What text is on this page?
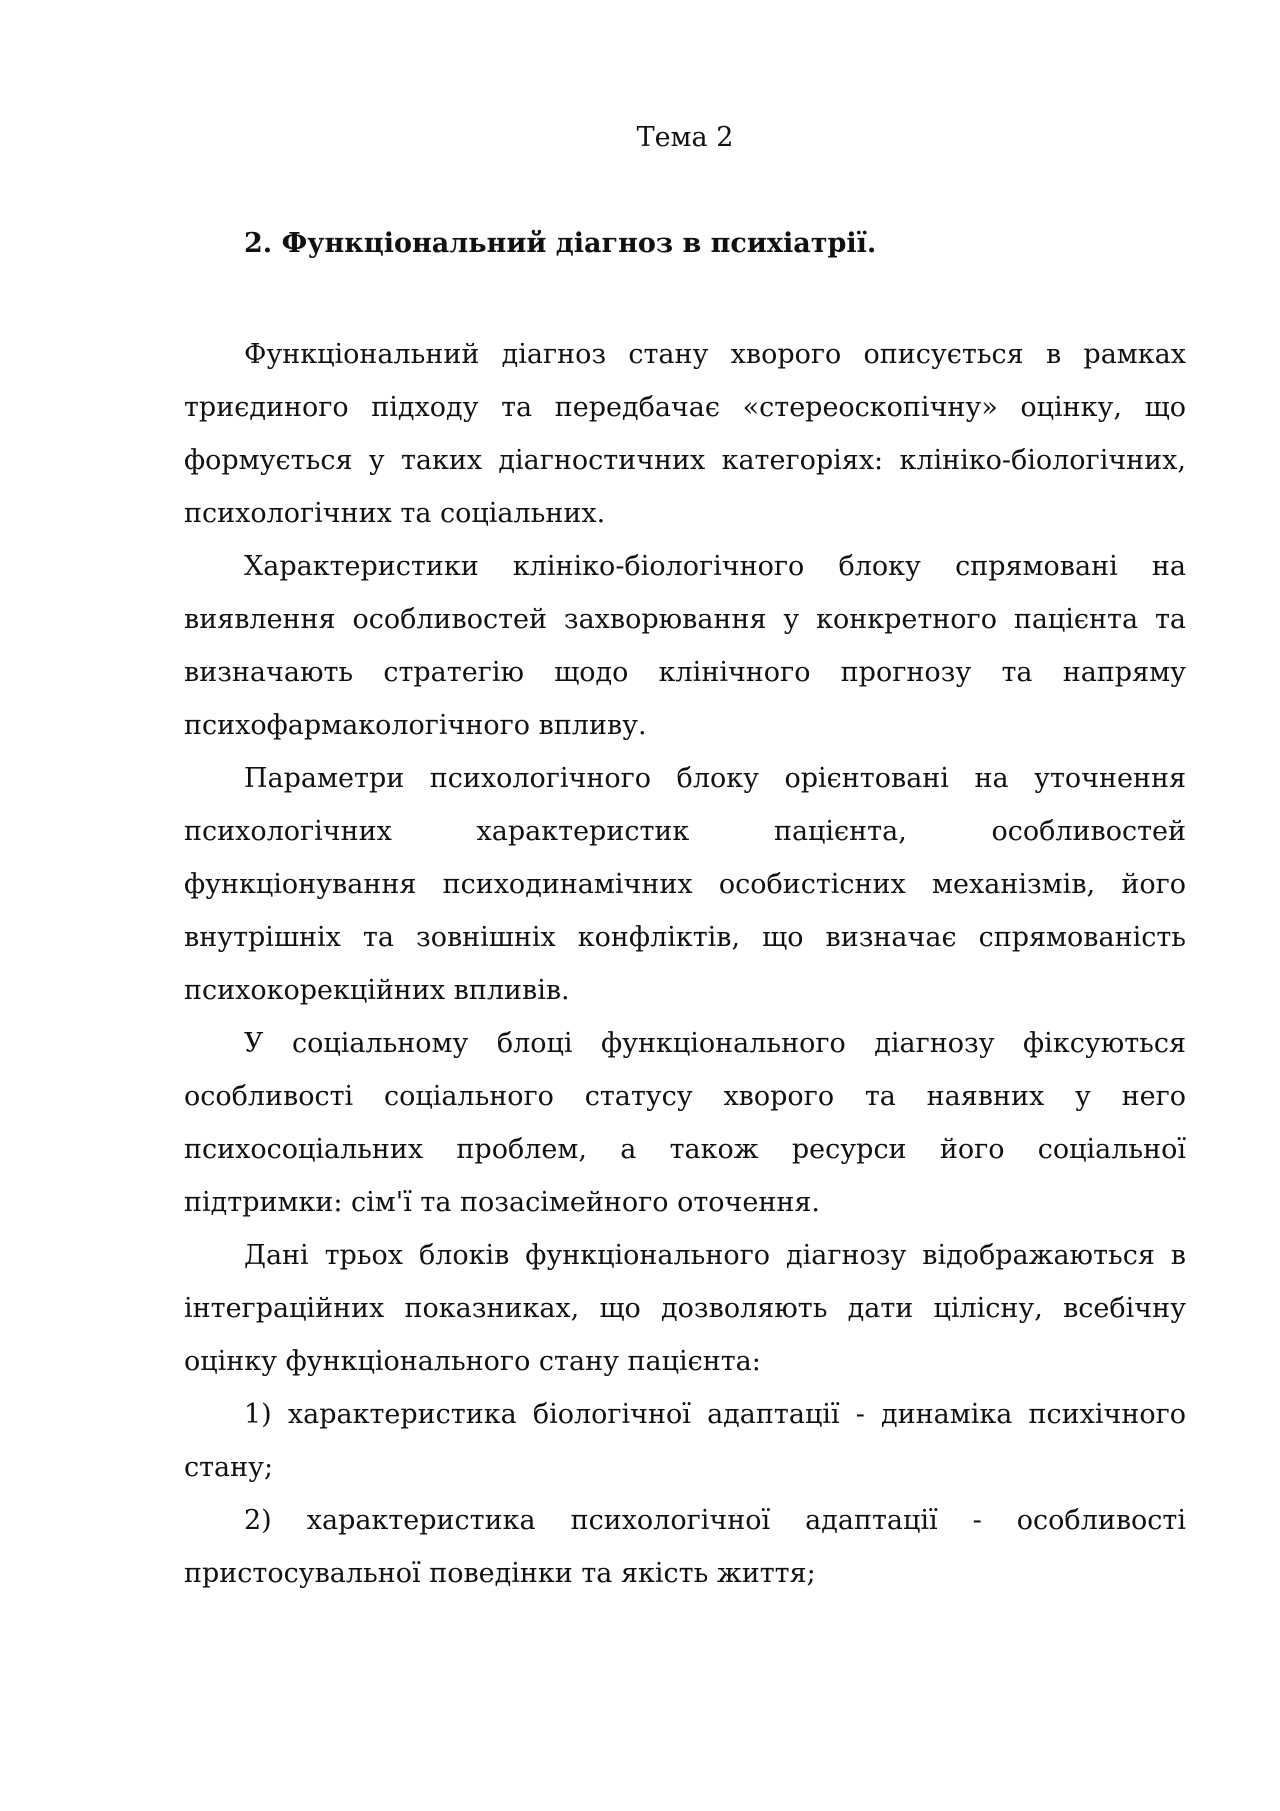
Тема 2
2. Функціональний діагноз в психіатрії.

Функціональний діагноз стану хворого описується в рамках триєдиного підходу та передбачає «стереоскопічну» оцінку, що формується у таких діагностичних категоріях: клініко-біологічних, психологічних та соціальних.

Характеристики клініко-біологічного блоку спрямовані на виявлення особливостей захворювання у конкретного пацієнта та визначають стратегію щодо клінічного прогнозу та напряму психофармакологічного впливу.

Параметри психологічного блоку орієнтовані на уточнення психологічних характеристик пацієнта, особливостей функціонування психодинамічних особистісних механізмів, його внутрішніх та зовнішніх конфліктів, що визначає спрямованість психокорекційних впливів.

У соціальному блоці функціонального діагнозу фіксуються особливості соціального статусу хворого та наявних у него психосоціальних проблем, а також ресурси його соціальної підтримки: сім'ї та позасімейного оточення.

Дані трьох блоків функціонального діагнозу відображаються в інтеграційних показниках, що дозволяють дати цілісну, всебічну оцінку функціонального стану пацієнта:

1) характеристика біологічної адаптації - динаміка психічного стану;

2) характеристика психологічної адаптації - особливості пристосувальної поведінки та якість життя;
